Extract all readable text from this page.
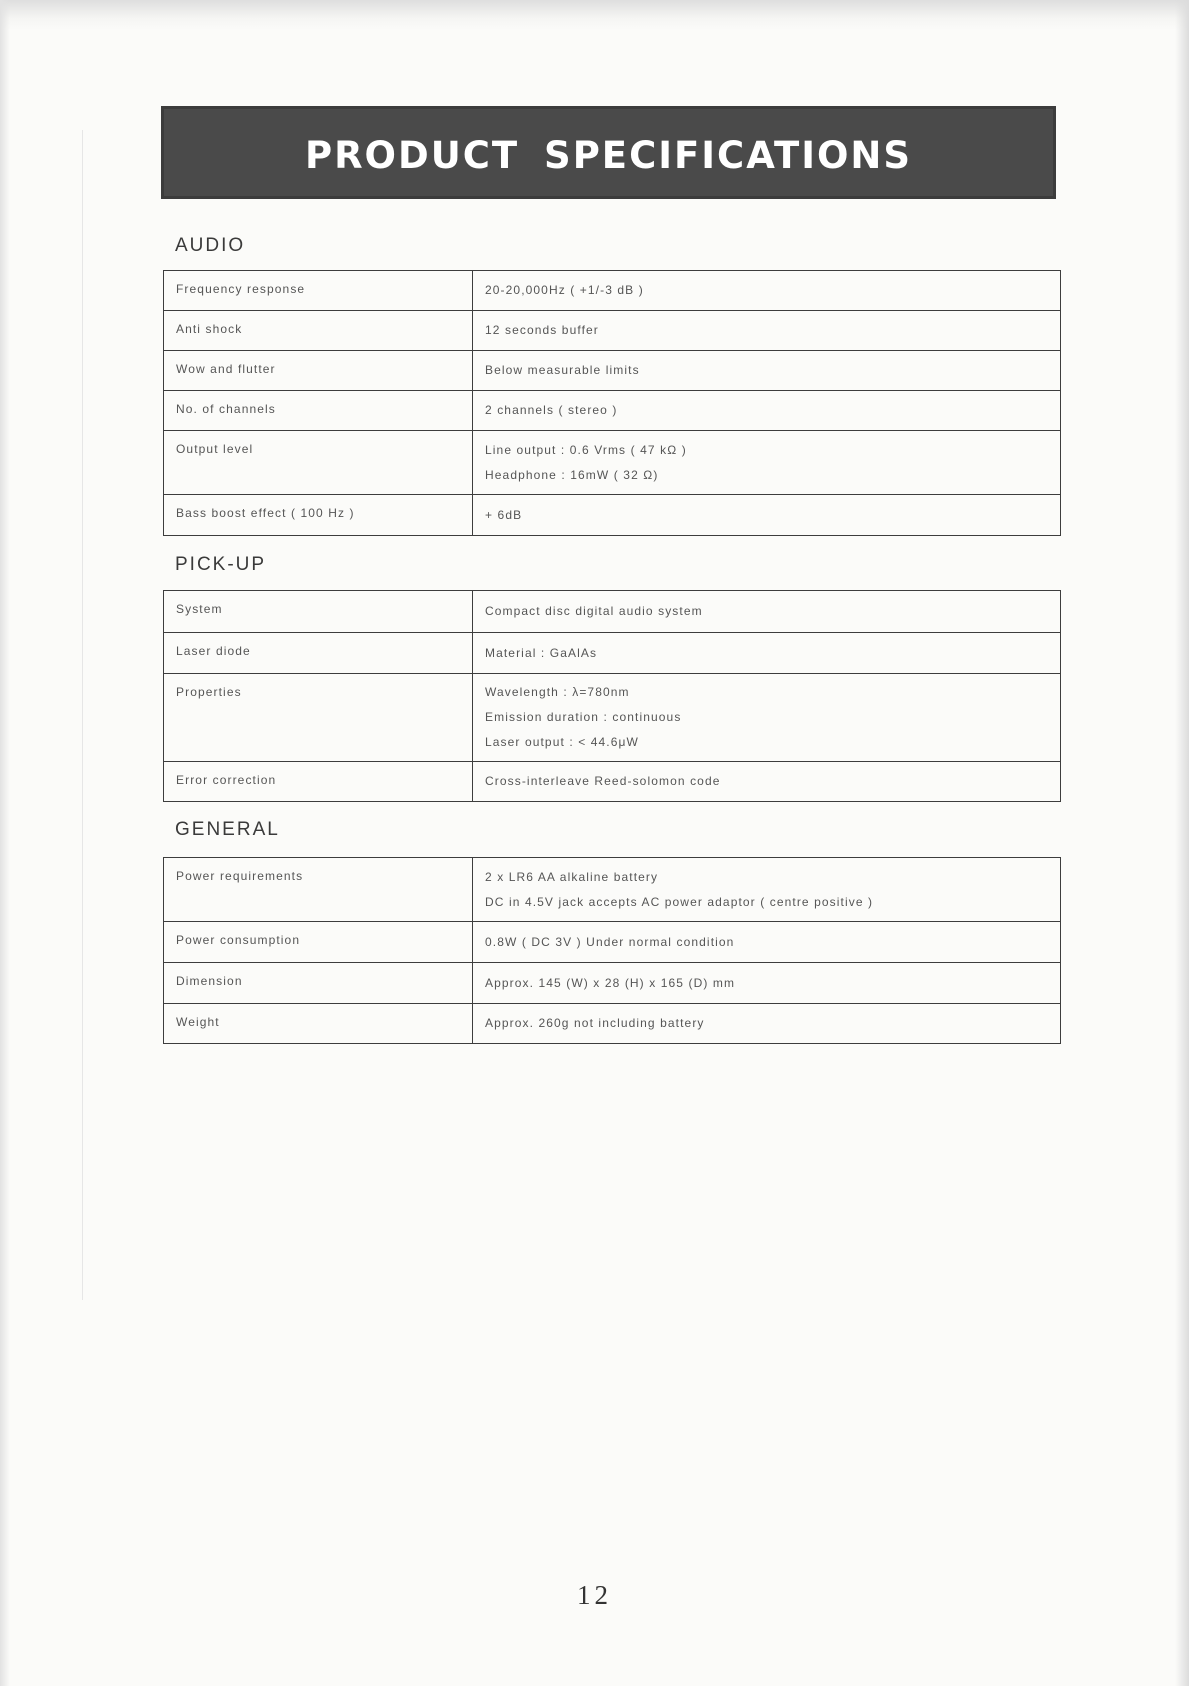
PRODUCT SPECIFICATIONS
AUDIO
Frequency response	20-20,000Hz ( +1/-3 dB )

Anti shock	12 seconds buffer

Wow and flutter	Below measurable limits

No. of channels	2 channels ( stereo )

Output level	Line output : 0.6 Vrms ( 47 kΩ )
Headphone : 16mW ( 32 Ω)

Bass boost effect ( 100 Hz )	+ 6dB
PICK-UP
System	Compact disc digital audio system

Laser diode	Material : GaAlAs

Properties	Wavelength : λ=780nm
Emission duration : continuous
Laser output : < 44.6μW

Error correction	Cross-interleave Reed-solomon code
GENERAL
Power requirements	2 x LR6 AA alkaline battery
DC in 4.5V jack accepts AC power adaptor ( centre positive )

Power consumption	0.8W ( DC 3V ) Under normal condition

Dimension	Approx. 145 (W) x 28 (H) x 165 (D) mm

Weight	Approx. 260g not including battery
12
